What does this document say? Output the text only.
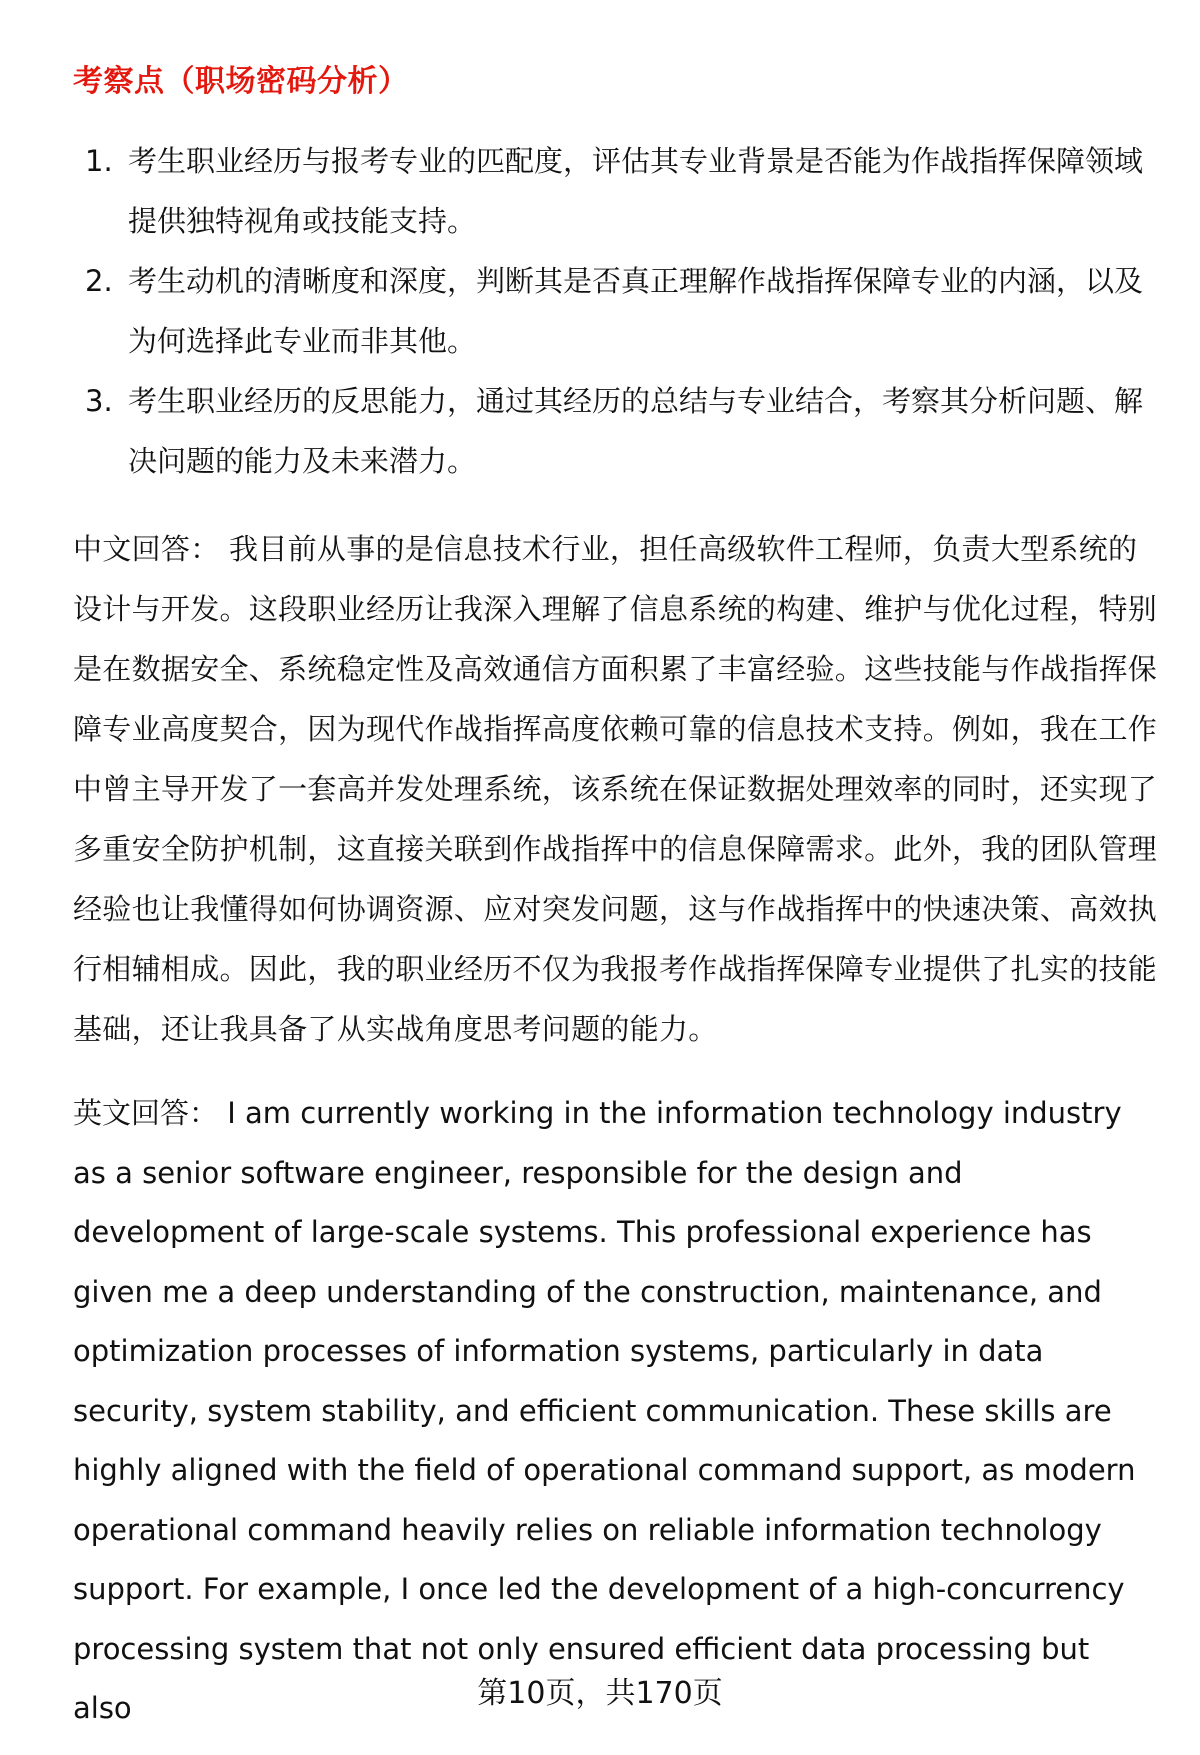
考察点（职场密码分析）
1. 考生职业经历与报考专业的匹配度，评估其专业背景是否能为作战指挥保障领域提供独特视角或技能支持。
2. 考生动机的清晰度和深度，判断其是否真正理解作战指挥保障专业的内涵，以及为何选择此专业而非其他。
3. 考生职业经历的反思能力，通过其经历的总结与专业结合，考察其分析问题、解决问题的能力及未来潜力。

中文回答： 我目前从事的是信息技术行业，担任高级软件工程师，负责大型系统的设计与开发。这段职业经历让我深入理解了信息系统的构建、维护与优化过程，特别是在数据安全、系统稳定性及高效通信方面积累了丰富经验。这些技能与作战指挥保障专业高度契合，因为现代作战指挥高度依赖可靠的信息技术支持。例如，我在工作中曾主导开发了一套高并发处理系统，该系统在保证数据处理效率的同时，还实现了多重安全防护机制，这直接关联到作战指挥中的信息保障需求。此外，我的团队管理经验也让我懂得如何协调资源、应对突发问题，这与作战指挥中的快速决策、高效执行相辅相成。因此，我的职业经历不仅为我报考作战指挥保障专业提供了扎实的技能基础，还让我具备了从实战角度思考问题的能力。

英文回答： I am currently working in the information technology industry as a senior software engineer, responsible for the design and development of large-scale systems. This professional experience has given me a deep understanding of the construction, maintenance, and optimization processes of information systems, particularly in data security, system stability, and efficient communication. These skills are highly aligned with the field of operational command support, as modern operational command heavily relies on reliable information technology support. For example, I once led the development of a high-concurrency processing system that not only ensured efficient data processing but also	第10页，共170页
